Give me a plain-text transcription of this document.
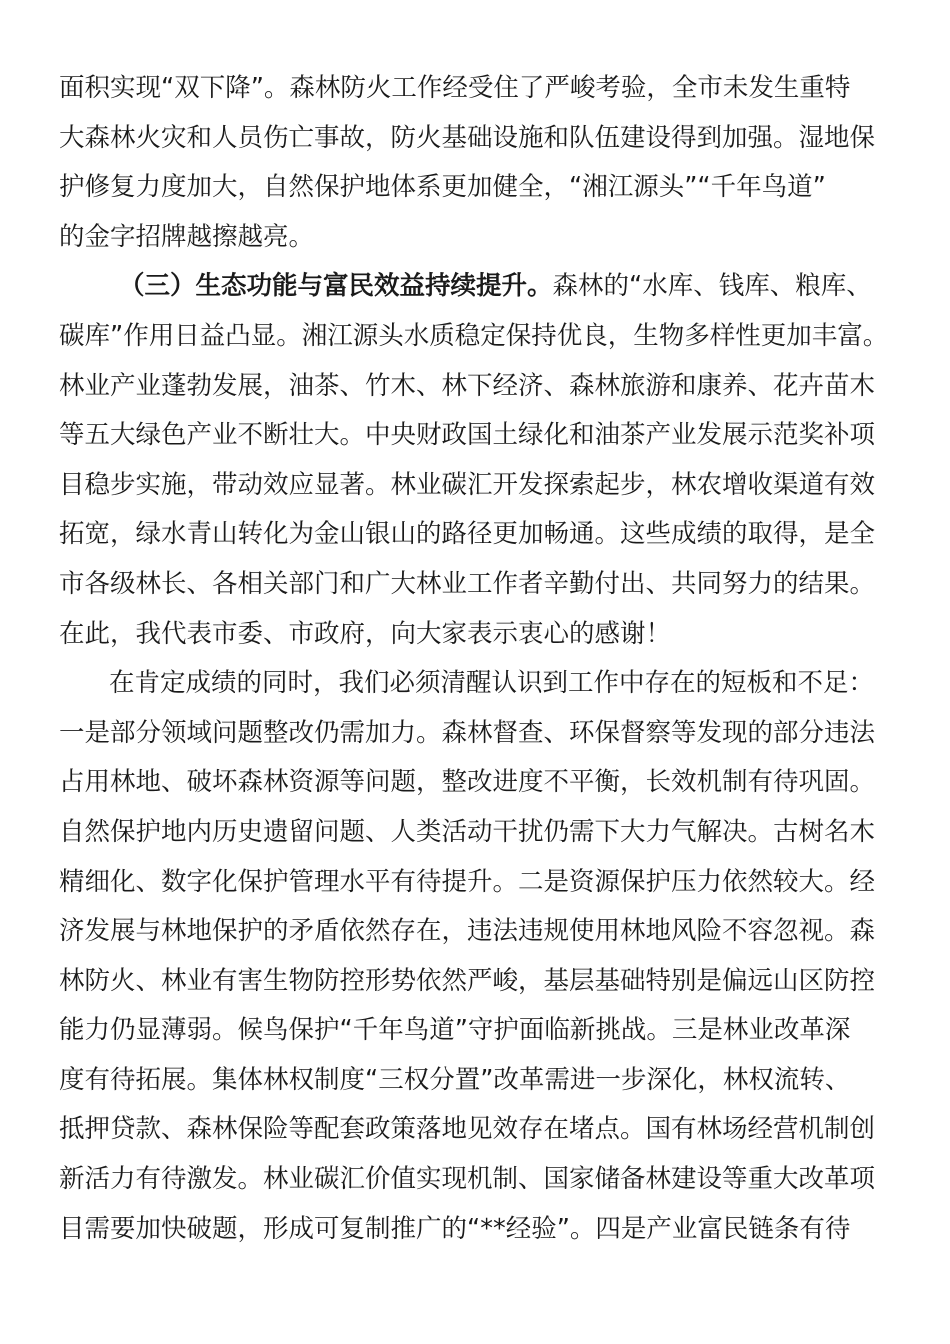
面积实现“双下降”。森林防火工作经受住了严峻考验，全市未发生重特

大森林火灾和人员伤亡事故，防火基础设施和队伍建设得到加强。湿地保

护修复力度加大，自然保护地体系更加健全，“湘江源头”“千年鸟道”

的金字招牌越擦越亮。

（三）生态功能与富民效益持续提升。森林的“水库、钱库、粮库、

碳库”作用日益凸显。湘江源头水质稳定保持优良，生物多样性更加丰富。

林业产业蓬勃发展，油茶、竹木、林下经济、森林旅游和康养、花卉苗木

等五大绿色产业不断壮大。中央财政国土绿化和油茶产业发展示范奖补项

目稳步实施，带动效应显著。林业碳汇开发探索起步，林农增收渠道有效

拓宽，绿水青山转化为金山银山的路径更加畅通。这些成绩的取得，是全

市各级林长、各相关部门和广大林业工作者辛勤付出、共同努力的结果。

在此，我代表市委、市政府，向大家表示衷心的感谢！

在肯定成绩的同时，我们必须清醒认识到工作中存在的短板和不足：

一是部分领域问题整改仍需加力。森林督查、环保督察等发现的部分违法

占用林地、破坏森林资源等问题，整改进度不平衡，长效机制有待巩固。

自然保护地内历史遗留问题、人类活动干扰仍需下大力气解决。古树名木

精细化、数字化保护管理水平有待提升。二是资源保护压力依然较大。经

济发展与林地保护的矛盾依然存在，违法违规使用林地风险不容忽视。森

林防火、林业有害生物防控形势依然严峻，基层基础特别是偏远山区防控

能力仍显薄弱。候鸟保护“千年鸟道”守护面临新挑战。三是林业改革深

度有待拓展。集体林权制度“三权分置”改革需进一步深化，林权流转、

抵押贷款、森林保险等配套政策落地见效存在堵点。国有林场经营机制创

新活力有待激发。林业碳汇价值实现机制、国家储备林建设等重大改革项

目需要加快破题，形成可复制推广的“**经验”。四是产业富民链条有待
